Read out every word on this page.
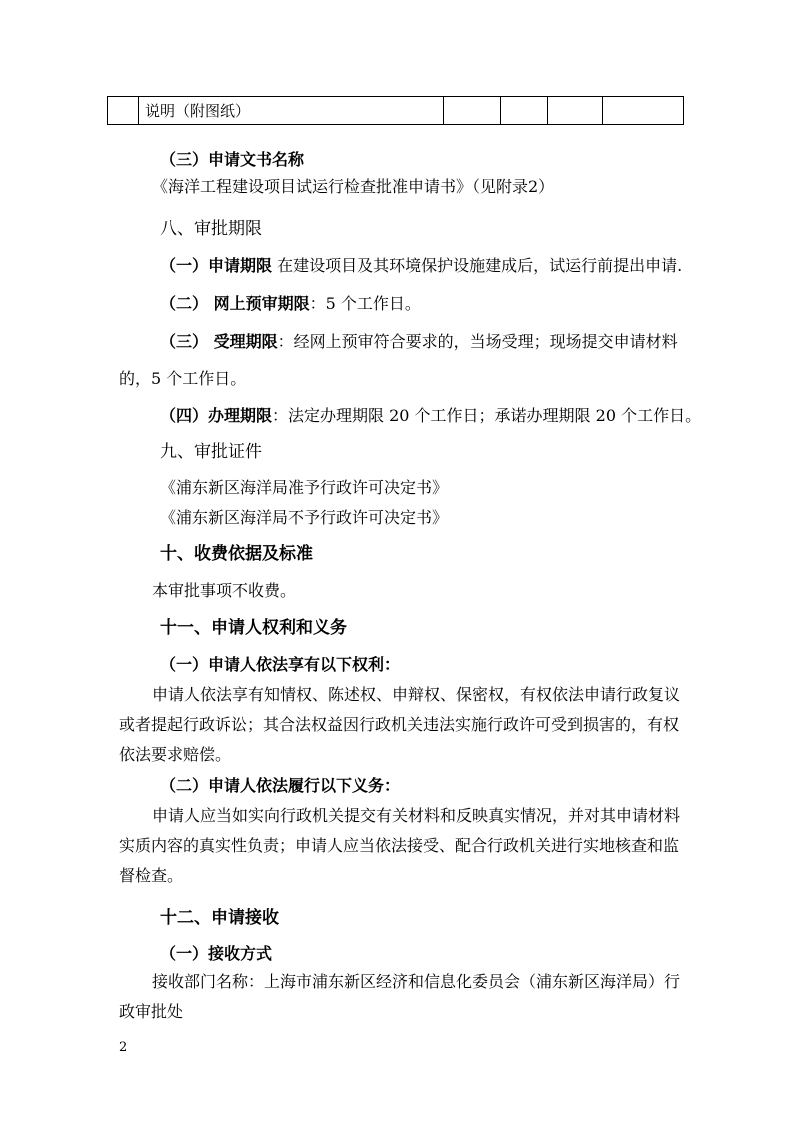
	说明（附图纸）				
（三）申请文书名称
《海洋工程建设项目试运行检查批准申请书》（见附录2）
八、审批期限
（一）申请期限 在建设项目及其环境保护设施建成后，试运行前提出申请.
（二） 网上预审期限：5 个工作日。
（三） 受理期限：经网上预审符合要求的，当场受理；现场提交申请材料
的，5 个工作日。
（四）办理期限：法定办理期限 20 个工作日；承诺办理期限 20 个工作日。
九、审批证件
《浦东新区海洋局准予行政许可决定书》
《浦东新区海洋局不予行政许可决定书》
十、收费依据及标准
本审批事项不收费。
十一、申请人权利和义务
（一）申请人依法享有以下权利：
申请人依法享有知情权、陈述权、申辩权、保密权，有权依法申请行政复议
或者提起行政诉讼；其合法权益因行政机关违法实施行政许可受到损害的，有权
依法要求赔偿。
（二）申请人依法履行以下义务：
申请人应当如实向行政机关提交有关材料和反映真实情况，并对其申请材料
实质内容的真实性负责；申请人应当依法接受、配合行政机关进行实地核查和监
督检查。
十二、申请接收
（一）接收方式
接收部门名称：上海市浦东新区经济和信息化委员会（浦东新区海洋局）行
政审批处
2
